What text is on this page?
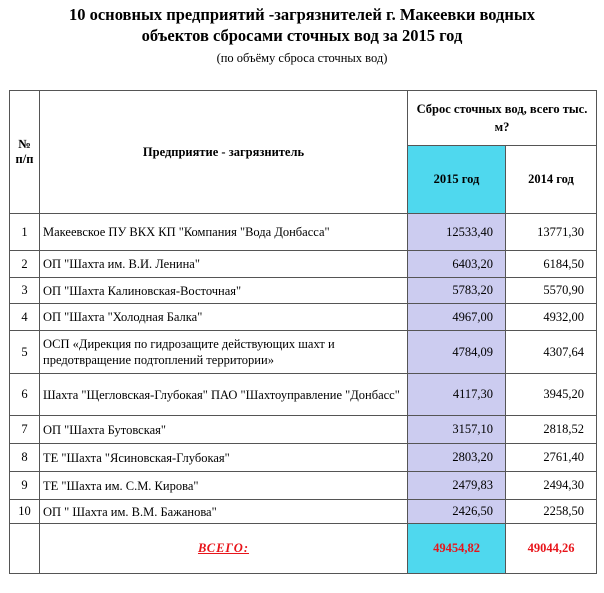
10 основных предприятий -загрязнителей г. Макеевки водных
объектов сбросами сточных вод за 2015 год
(по объёму сброса сточных вод)
№
п/п	Предприятие - загрязнитель	Сброс сточных вод, всего тыс. м?	
		2015 год	2014 год
1	Макеевское ПУ ВКХ КП "Компания "Вода Донбасса"	12533,40	13771,30
2	ОП "Шахта им. В.И. Ленина"	6403,20	6184,50
3	ОП "Шахта Калиновская-Восточная"	5783,20	5570,90
4	ОП "Шахта "Холодная Балка"	4967,00	4932,00
5	ОСП «Дирекция по гидрозащите действующих шахт и предотвращение подтоплений территории»	4784,09	4307,64
6	Шахта "Щегловская-Глубокая" ПАО "Шахтоуправление "Донбасс"	4117,30	3945,20
7	ОП "Шахта Бутовская"	3157,10	2818,52
8	ТЕ "Шахта "Ясиновская-Глубокая"	2803,20	2761,40
9	ТЕ "Шахта им. С.М. Кирова"	2479,83	2494,30
10	ОП " Шахта им. В.М. Бажанова"	2426,50	2258,50
	ВСЕГО:	49454,82	49044,26
